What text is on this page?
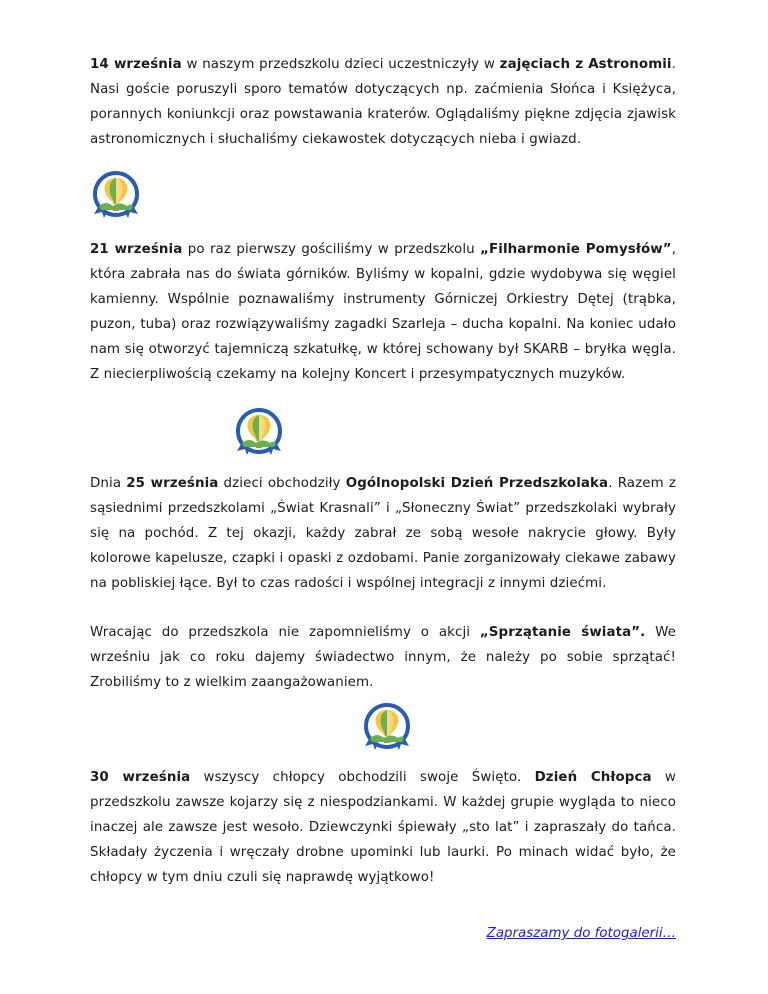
14 września w naszym przedszkolu dzieci uczestniczyły w zajęciach z Astronomii. Nasi goście poruszyli sporo tematów dotyczących np. zaćmienia Słońca i Księżyca, porannych koniunkcji oraz powstawania kraterów. Oglądaliśmy piękne zdjęcia zjawisk astronomicznych i słuchaliśmy ciekawostek dotyczących nieba i gwiazd.

21 września po raz pierwszy gościliśmy w przedszkolu „Filharmonie Pomysłów”, która zabrała nas do świata górników. Byliśmy w kopalni, gdzie wydobywa się węgiel kamienny. Wspólnie poznawaliśmy instrumenty Górniczej Orkiestry Dętej (trąbka, puzon, tuba) oraz rozwiązywaliśmy zagadki Szarleja – ducha kopalni. Na koniec udało nam się otworzyć tajemniczą szkatułkę, w której schowany był SKARB – bryłka węgla. Z niecierpliwością czekamy na kolejny Koncert i przesympatycznych muzyków.

Dnia 25 września dzieci obchodziły Ogólnopolski Dzień Przedszkolaka. Razem z sąsiednimi przedszkolami „Świat Krasnali” i „Słoneczny Świat” przedszkolaki wybrały się na pochód. Z tej okazji, każdy zabrał ze sobą wesołe nakrycie głowy. Były kolorowe kapelusze, czapki i opaski z ozdobami. Panie zorganizowały ciekawe zabawy na pobliskiej łące. Był to czas radości i wspólnej integracji z innymi dziećmi.

Wracając do przedszkola nie zapomnieliśmy o akcji „Sprzątanie świata”. We wrześniu jak co roku dajemy świadectwo innym, że należy po sobie sprzątać! Zrobiliśmy to z wielkim zaangażowaniem.

30 września wszyscy chłopcy obchodzili swoje Święto. Dzień Chłopca w przedszkolu zawsze kojarzy się z niespodziankami. W każdej grupie wygląda to nieco inaczej ale zawsze jest wesoło. Dziewczynki śpiewały „sto lat” i zapraszały do tańca. Składały życzenia i wręczały drobne upominki lub laurki. Po minach widać było, że chłopcy w tym dniu czuli się naprawdę wyjątkowo!

Zapraszamy do fotogalerii…
